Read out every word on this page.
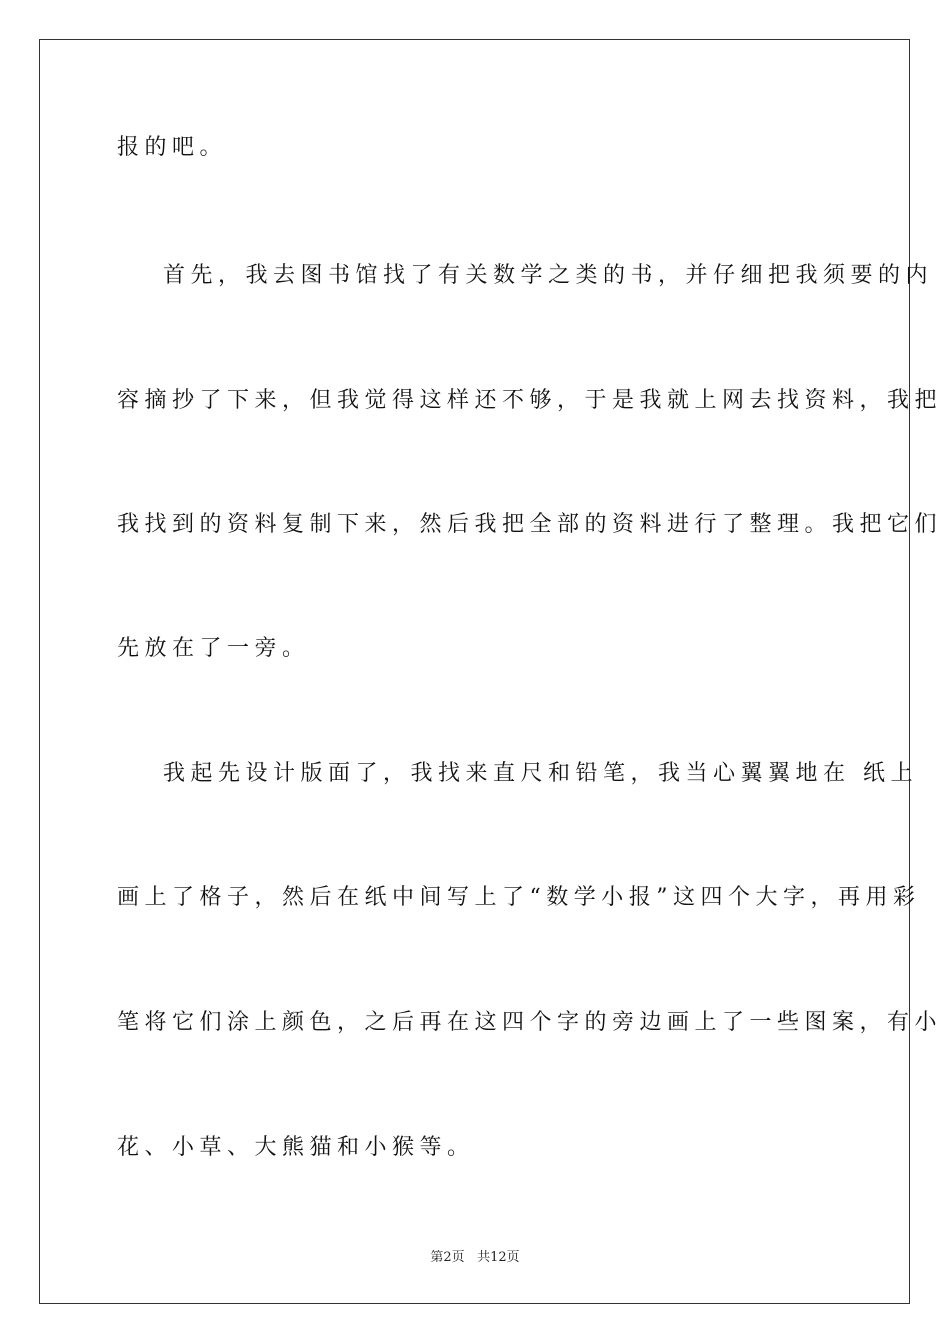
报的吧。
首先，我去图书馆找了有关数学之类的书，并仔细把我须要的内
容摘抄了下来，但我觉得这样还不够，于是我就上网去找资料，我把
我找到的资料复制下来，然后我把全部的资料进行了整理。我把它们
先放在了一旁。
我起先设计版面了，我找来直尺和铅笔，我当心翼翼地在 纸上
画上了格子，然后在纸中间写上了“数学小报”这四个大字，再用彩
笔将它们涂上颜色，之后再在这四个字的旁边画上了一些图案，有小
花、小草、大熊猫和小猴等。
第2页 共12页
